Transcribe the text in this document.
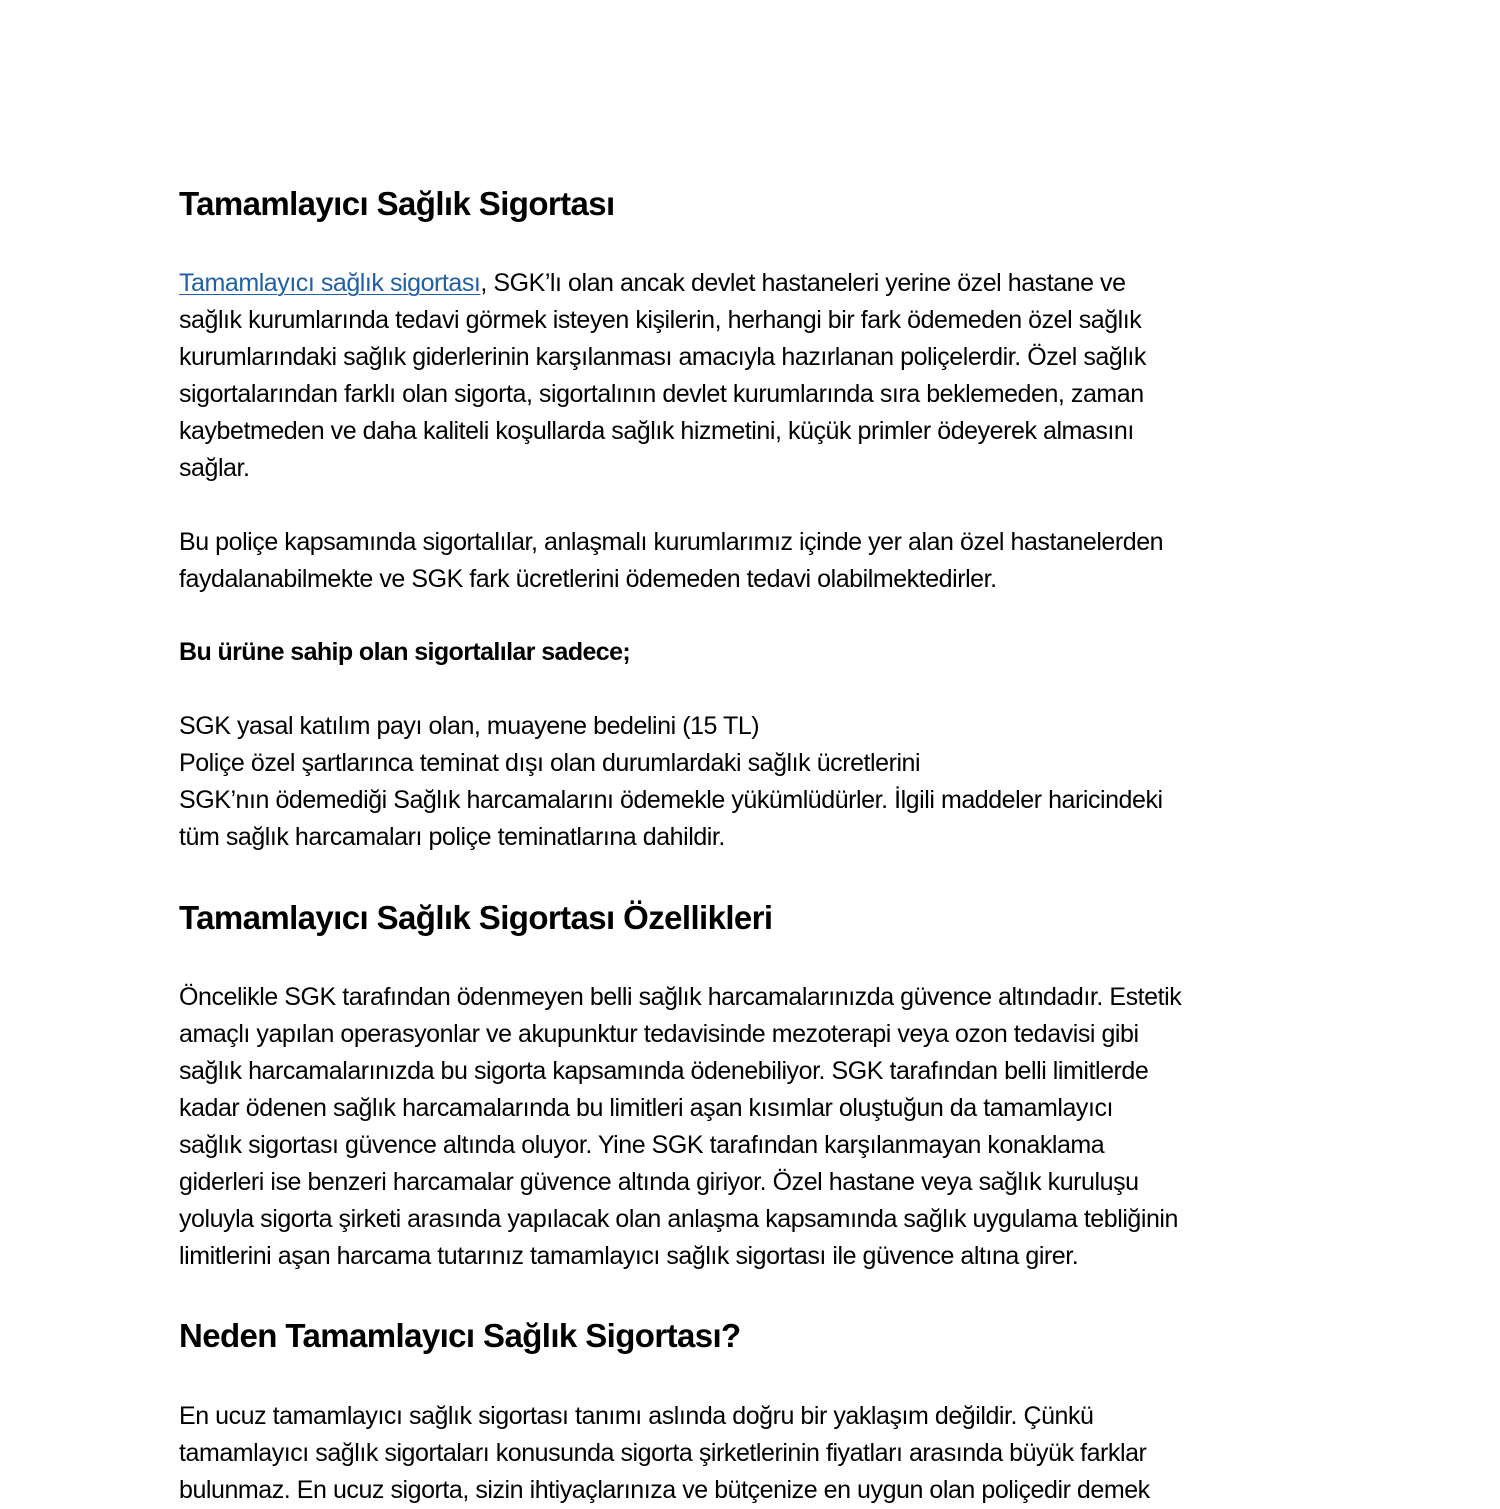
Tamamlayıcı Sağlık Sigortası
Tamamlayıcı sağlık sigortası, SGK’lı olan ancak devlet hastaneleri yerine özel hastane ve
sağlık kurumlarında tedavi görmek isteyen kişilerin, herhangi bir fark ödemeden özel sağlık
kurumlarındaki sağlık giderlerinin karşılanması amacıyla hazırlanan poliçelerdir. Özel sağlık
sigortalarından farklı olan sigorta, sigortalının devlet kurumlarında sıra beklemeden, zaman
kaybetmeden ve daha kaliteli koşullarda sağlık hizmetini, küçük primler ödeyerek almasını
sağlar.
Bu poliçe kapsamında sigortalılar, anlaşmalı kurumlarımız içinde yer alan özel hastanelerden
faydalanabilmekte ve SGK fark ücretlerini ödemeden tedavi olabilmektedirler.

Bu ürüne sahip olan sigortalılar sadece;

SGK yasal katılım payı olan, muayene bedelini (15 TL)
Poliçe özel şartlarınca teminat dışı olan durumlardaki sağlık ücretlerini
SGK’nın ödemediği Sağlık harcamalarını ödemekle yükümlüdürler. İlgili maddeler haricindeki
tüm sağlık harcamaları poliçe teminatlarına dahildir.
Tamamlayıcı Sağlık Sigortası Özellikleri
Öncelikle SGK tarafından ödenmeyen belli sağlık harcamalarınızda güvence altındadır. Estetik
amaçlı yapılan operasyonlar ve akupunktur tedavisinde mezoterapi veya ozon tedavisi gibi
sağlık harcamalarınızda bu sigorta kapsamında ödenebiliyor. SGK tarafından belli limitlerde
kadar ödenen sağlık harcamalarında bu limitleri aşan kısımlar oluştuğun da tamamlayıcı
sağlık sigortası güvence altında oluyor. Yine SGK tarafından karşılanmayan konaklama
giderleri ise benzeri harcamalar güvence altında giriyor. Özel hastane veya sağlık kuruluşu
yoluyla sigorta şirketi arasında yapılacak olan anlaşma kapsamında sağlık uygulama tebliğinin
limitlerini aşan harcama tutarınız tamamlayıcı sağlık sigortası ile güvence altına girer.
Neden Tamamlayıcı Sağlık Sigortası?
En ucuz tamamlayıcı sağlık sigortası tanımı aslında doğru bir yaklaşım değildir. Çünkü
tamamlayıcı sağlık sigortaları konusunda sigorta şirketlerinin fiyatları arasında büyük farklar
bulunmaz. En ucuz sigorta, sizin ihtiyaçlarınıza ve bütçenize en uygun olan poliçedir demek
